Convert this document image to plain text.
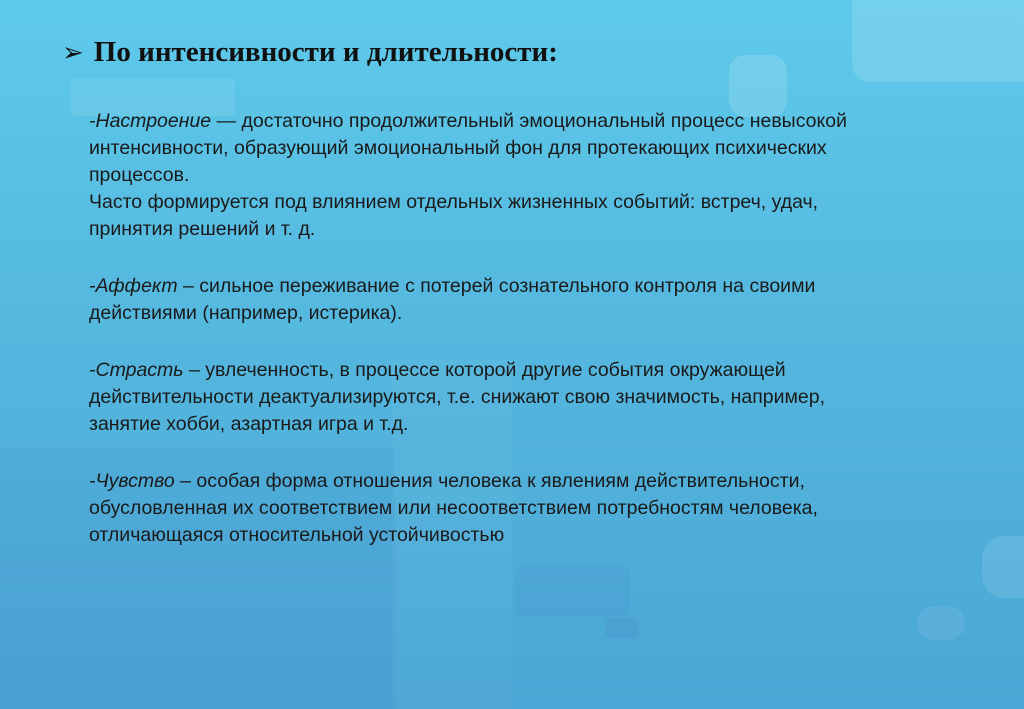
➢ По интенсивности и длительности:
-Настроение — достаточно продолжительный эмоциональный процесс невысокой
интенсивности, образующий эмоциональный фон для протекающих психических
процессов.
Часто формируется под влиянием отдельных жизненных событий: встреч, удач,
принятия решений и т. д.
-Аффект – сильное переживание с потерей сознательного контроля на своими
действиями (например, истерика).
-Страсть – увлеченность, в процессе которой другие события окружающей
действительности деактуализируются, т.е. снижают свою значимость, например,
занятие хобби, азартная игра и т.д.
-Чувство – особая форма отношения человека к явлениям действительности,
обусловленная их соответствием или несоответствием потребностям человека,
отличающаяся относительной устойчивостью
